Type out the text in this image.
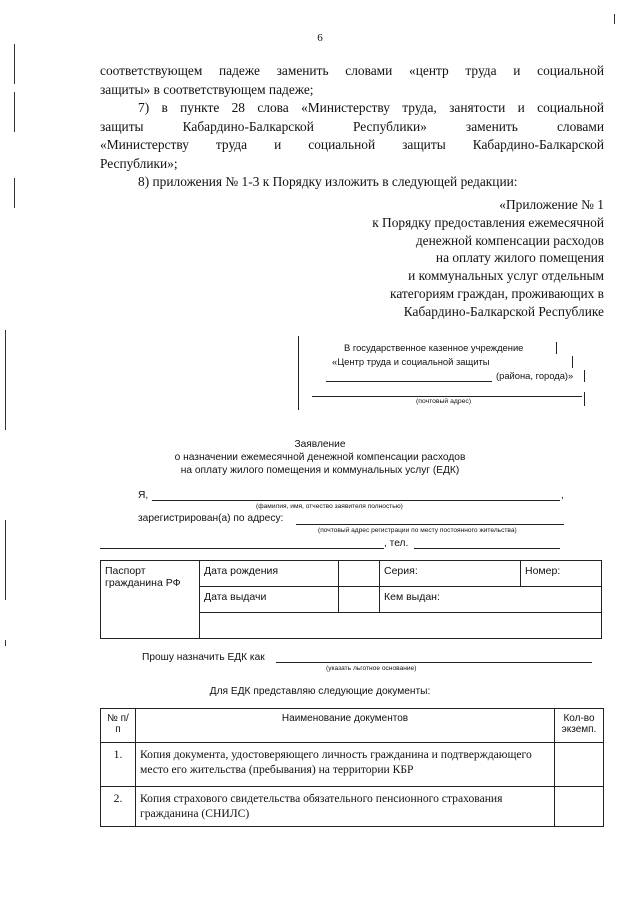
6
соответствующем падеже заменить словами «центр труда и социальной
защиты» в соответствующем падеже;
7) в пункте 28 слова «Министерству труда, занятости и социальной
защиты Кабардино-Балкарской Республики» заменить словами
«Министерству труда и социальной защиты Кабардино-Балкарской
Республики»;
8) приложения № 1-3 к Порядку изложить в следующей редакции:
«Приложение № 1
к Порядку предоставления ежемесячной
денежной компенсации расходов
на оплату жилого помещения
и коммунальных услуг отдельным
категориям граждан, проживающих в
Кабардино-Балкарской Республике
В государственное казенное учреждение
«Центр труда и социальной защиты
(района, города)»
(почтовый адрес)
Заявление
о назначении ежемесячной денежной компенсации расходов
на оплату жилого помещения и коммунальных услуг (ЕДК)
Я,	,
(фамилия, имя, отчество заявителя полностью)
зарегистрирован(а) по адресу:
(почтовый адрес регистрации по месту постоянного жительства)
, тел.
Паспорт гражданина РФ	Дата рождения		Серия:	Номер:
	Дата выдачи		Кем выдан:	

Прошу назначить ЕДК как
(указать льготное основание)
Для ЕДК представляю следующие документы:
№ п/п	Наименование документов	Кол-во экземп.
1.	Копия документа, удостоверяющего личность гражданина и подтверждающего место его жительства (пребывания) на территории КБР	
2.	Копия страхового свидетельства обязательного пенсионного страхования гражданина (СНИЛС)	
